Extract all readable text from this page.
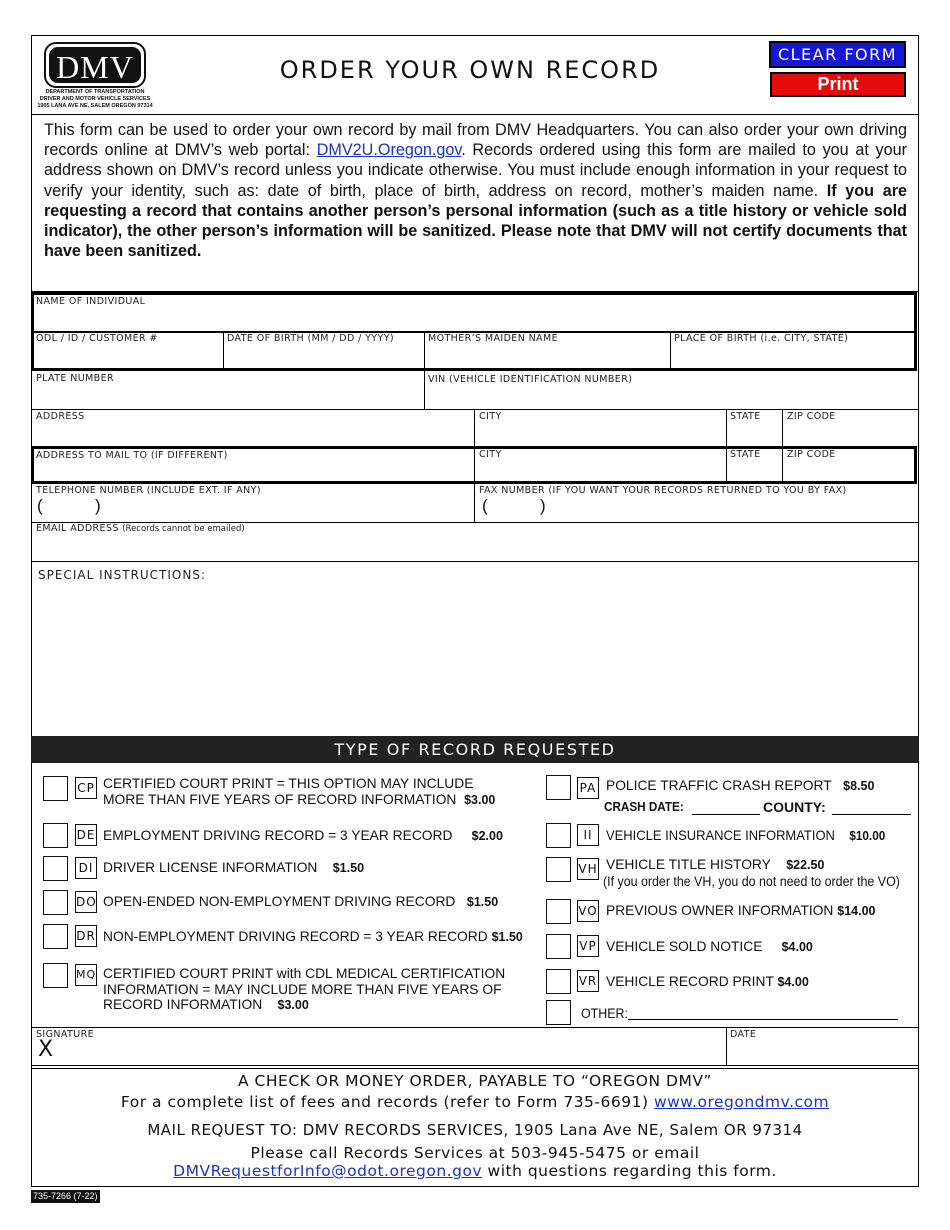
DMV
DEPARTMENT OF TRANSPORTATION
DRIVER AND MOTOR VEHICLE SERVICES
1905 LANA AVE NE, SALEM OREGON 97314
ORDER YOUR OWN RECORD
CLEAR FORM
Print
This form can be used to order your own record by mail from DMV Headquarters. You can also order your own driving records online at DMV’s web portal: DMV2U.Oregon.gov. Records ordered using this form are mailed to you at your address shown on DMV’s record unless you indicate otherwise. You must include enough information in your request to verify your identity, such as: date of birth, place of birth, address on record, mother’s maiden name. If you are requesting a record that contains another person’s personal information (such as a title history or vehicle sold indicator), the other person’s information will be sanitized. Please note that DMV will not certify documents that have been sanitized.
NAME OF INDIVIDUAL
ODL / ID / CUSTOMER #	DATE OF BIRTH (MM / DD / YYYY)	MOTHER’S MAIDEN NAME	PLACE OF BIRTH (i.e. CITY, STATE)
PLATE NUMBER	VIN (VEHICLE IDENTIFICATION NUMBER)
ADDRESS	CITY	STATE	ZIP CODE
ADDRESS TO MAIL TO (IF DIFFERENT)	CITY	STATE	ZIP CODE
TELEPHONE NUMBER (INCLUDE EXT. IF ANY)
(	)
FAX NUMBER (IF YOU WANT YOUR RECORDS RETURNED TO YOU BY FAX)
(	)
EMAIL ADDRESS (Records cannot be emailed)
SPECIAL INSTRUCTIONS:
TYPE OF RECORD REQUESTED
CP CERTIFIED COURT PRINT = THIS OPTION MAY INCLUDE
MORE THAN FIVE YEARS OF RECORD INFORMATION $3.00
DE EMPLOYMENT DRIVING RECORD = 3 YEAR RECORD $2.00
DI DRIVER LICENSE INFORMATION $1.50
DO OPEN-ENDED NON-EMPLOYMENT DRIVING RECORD $1.50
DR NON-EMPLOYMENT DRIVING RECORD = 3 YEAR RECORD $1.50
MQ CERTIFIED COURT PRINT with CDL MEDICAL CERTIFICATION
INFORMATION = MAY INCLUDE MORE THAN FIVE YEARS OF
RECORD INFORMATION $3.00
PA POLICE TRAFFIC CRASH REPORT $8.50
CRASH DATE:	COUNTY:
II VEHICLE INSURANCE INFORMATION $10.00
VH VEHICLE TITLE HISTORY $22.50
(If you order the VH, you do not need to order the VO)
VO PREVIOUS OWNER INFORMATION $14.00
VP VEHICLE SOLD NOTICE $4.00
VR VEHICLE RECORD PRINT $4.00
OTHER:
SIGNATURE
X
DATE
A CHECK OR MONEY ORDER, PAYABLE TO “OREGON DMV”
For a complete list of fees and records (refer to Form 735-6691) www.oregondmv.com
MAIL REQUEST TO: DMV RECORDS SERVICES, 1905 Lana Ave NE, Salem OR 97314
Please call Records Services at 503-945-5475 or email
DMVRequestforInfo@odot.oregon.gov with questions regarding this form.
735-7266 (7-22)
